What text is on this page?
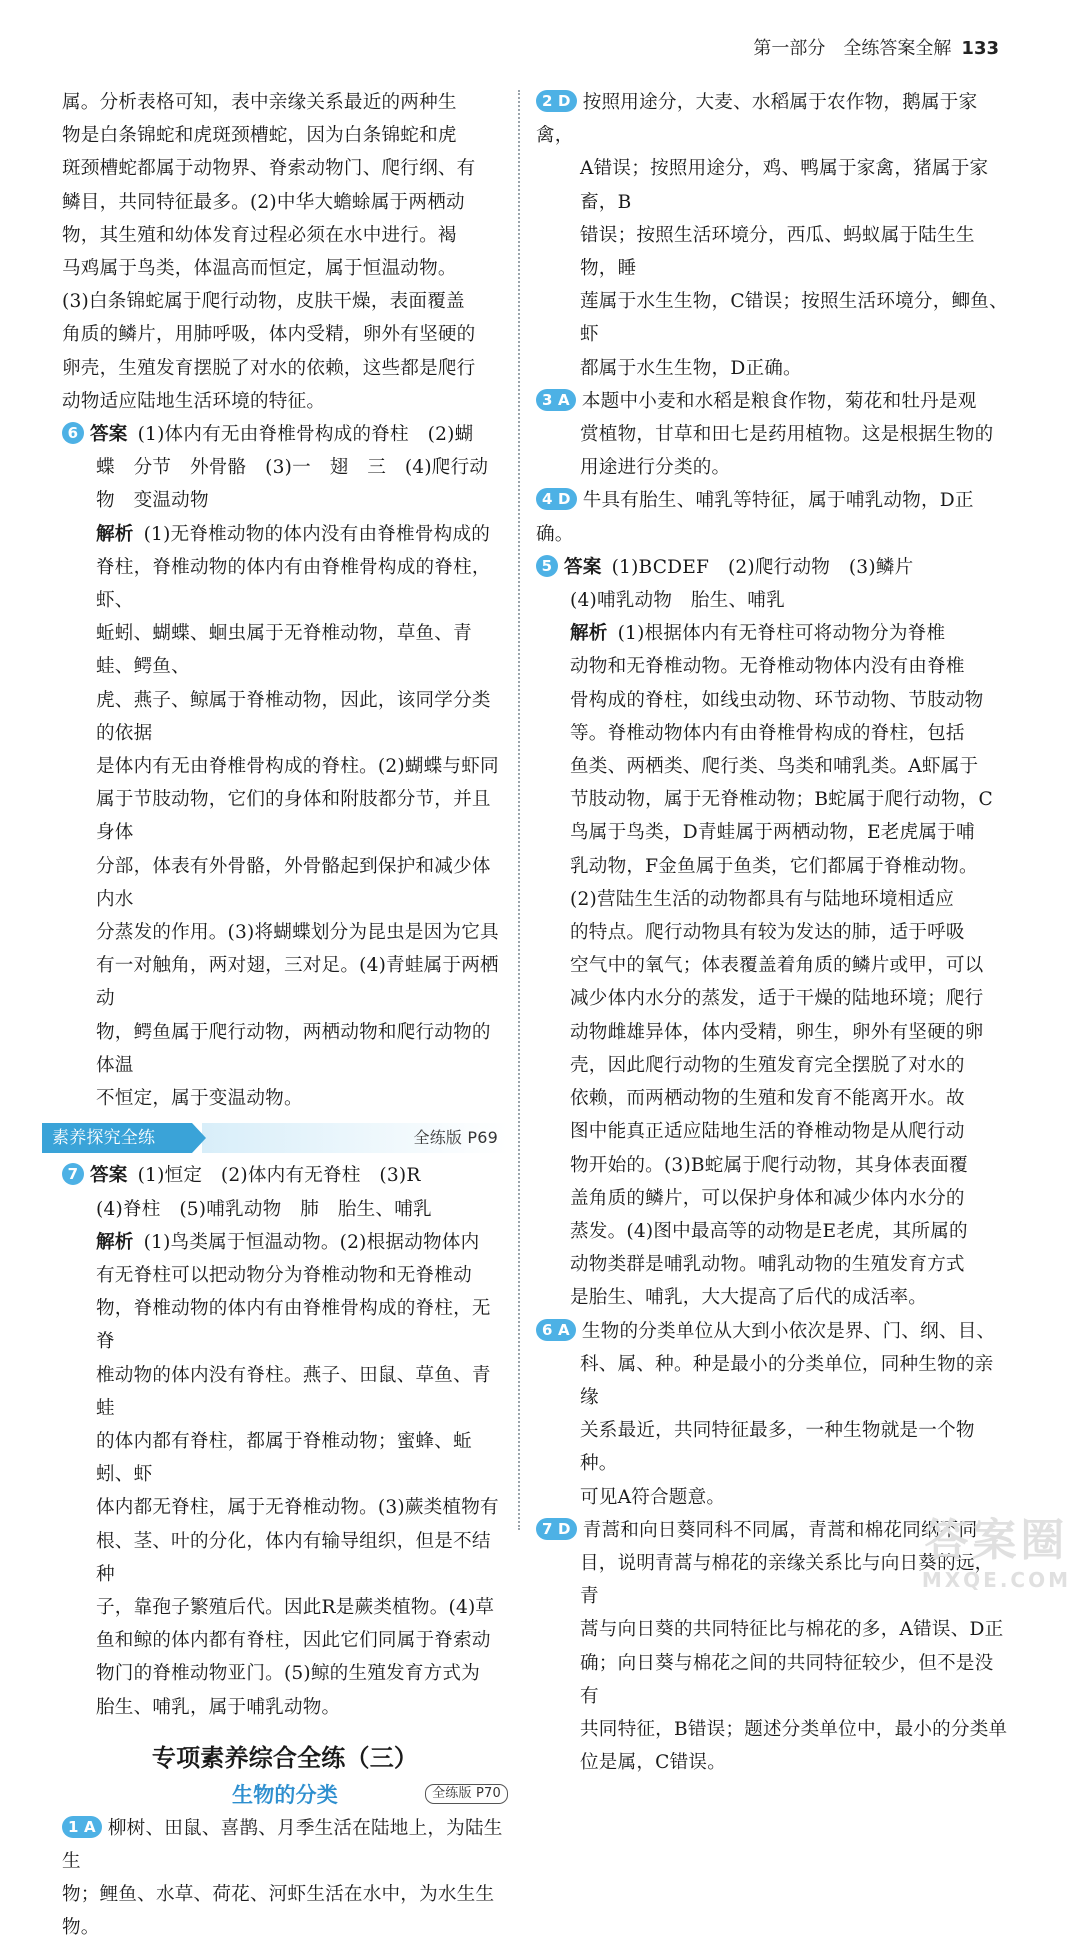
第一部分　全练答案全解 133

属。分析表格可知，表中亲缘关系最近的两种生

物是白条锦蛇和虎斑颈槽蛇，因为白条锦蛇和虎

斑颈槽蛇都属于动物界、脊索动物门、爬行纲、有

鳞目，共同特征最多。(2)中华大蟾蜍属于两栖动

物，其生殖和幼体发育过程必须在水中进行。褐

马鸡属于鸟类，体温高而恒定，属于恒温动物。

(3)白条锦蛇属于爬行动物，皮肤干燥，表面覆盖

角质的鳞片，用肺呼吸，体内受精，卵外有坚硬的

卵壳，生殖发育摆脱了对水的依赖，这些都是爬行

动物适应陆地生活环境的特征。

6 答案 (1)体内有无由脊椎骨构成的脊柱　(2)蝴

蝶　分节　外骨骼　(3)一　翅　三　(4)爬行动

物　变温动物

解析 (1)无脊椎动物的体内没有由脊椎骨构成的

脊柱，脊椎动物的体内有由脊椎骨构成的脊柱，虾、

蚯蚓、蝴蝶、蛔虫属于无脊椎动物，草鱼、青蛙、鳄鱼、

虎、燕子、鲸属于脊椎动物，因此，该同学分类的依据

是体内有无由脊椎骨构成的脊柱。(2)蝴蝶与虾同

属于节肢动物，它们的身体和附肢都分节，并且身体

分部，体表有外骨骼，外骨骼起到保护和减少体内水

分蒸发的作用。(3)将蝴蝶划分为昆虫是因为它具

有一对触角，两对翅，三对足。(4)青蛙属于两栖动

物，鳄鱼属于爬行动物，两栖动物和爬行动物的体温

不恒定，属于变温动物。

素养探究全练	全练版 P69

7 答案 (1)恒定　(2)体内有无脊柱　(3)R

(4)脊柱　(5)哺乳动物　肺　胎生、哺乳

解析 (1)鸟类属于恒温动物。(2)根据动物体内

有无脊柱可以把动物分为脊椎动物和无脊椎动

物，脊椎动物的体内有由脊椎骨构成的脊柱，无脊

椎动物的体内没有脊柱。燕子、田鼠、草鱼、青蛙

的体内都有脊柱，都属于脊椎动物；蜜蜂、蚯蚓、虾

体内都无脊柱，属于无脊椎动物。(3)蕨类植物有

根、茎、叶的分化，体内有输导组织，但是不结种

子，靠孢子繁殖后代。因此R是蕨类植物。(4)草

鱼和鲸的体内都有脊柱，因此它们同属于脊索动

物门的脊椎动物亚门。(5)鲸的生殖发育方式为

胎生、哺乳，属于哺乳动物。

专项素养综合全练（三）
生物的分类	全练版 P70

1 A 柳树、田鼠、喜鹊、月季生活在陆地上，为陆生生

物；鲤鱼、水草、荷花、河虾生活在水中，为水生生物。

2 D 按照用途分，大麦、水稻属于农作物，鹅属于家禽，

A错误；按照用途分，鸡、鸭属于家禽，猪属于家畜，B

错误；按照生活环境分，西瓜、蚂蚁属于陆生生物，睡

莲属于水生生物，C错误；按照生活环境分，鲫鱼、虾

都属于水生生物，D正确。

3 A 本题中小麦和水稻是粮食作物，菊花和牡丹是观

赏植物，甘草和田七是药用植物。这是根据生物的

用途进行分类的。

4 D 牛具有胎生、哺乳等特征，属于哺乳动物，D正确。

5 答案 (1)BCDEF　(2)爬行动物　(3)鳞片

(4)哺乳动物　胎生、哺乳

解析 (1)根据体内有无脊柱可将动物分为脊椎

动物和无脊椎动物。无脊椎动物体内没有由脊椎

骨构成的脊柱，如线虫动物、环节动物、节肢动物

等。脊椎动物体内有由脊椎骨构成的脊柱，包括

鱼类、两栖类、爬行类、鸟类和哺乳类。A虾属于

节肢动物，属于无脊椎动物；B蛇属于爬行动物，C

鸟属于鸟类，D青蛙属于两栖动物，E老虎属于哺

乳动物，F金鱼属于鱼类，它们都属于脊椎动物。

(2)营陆生生活的动物都具有与陆地环境相适应

的特点。爬行动物具有较为发达的肺，适于呼吸

空气中的氧气；体表覆盖着角质的鳞片或甲，可以

减少体内水分的蒸发，适于干燥的陆地环境；爬行

动物雌雄异体，体内受精，卵生，卵外有坚硬的卵

壳，因此爬行动物的生殖发育完全摆脱了对水的

依赖，而两栖动物的生殖和发育不能离开水。故

图中能真正适应陆地生活的脊椎动物是从爬行动

物开始的。(3)B蛇属于爬行动物，其身体表面覆

盖角质的鳞片，可以保护身体和减少体内水分的

蒸发。(4)图中最高等的动物是E老虎，其所属的

动物类群是哺乳动物。哺乳动物的生殖发育方式

是胎生、哺乳，大大提高了后代的成活率。

6 A 生物的分类单位从大到小依次是界、门、纲、目、

科、属、种。种是最小的分类单位，同种生物的亲缘

关系最近，共同特征最多，一种生物就是一个物种。

可见A符合题意。

7 D 青蒿和向日葵同科不同属，青蒿和棉花同纲不同

目，说明青蒿与棉花的亲缘关系比与向日葵的远，青

蒿与向日葵的共同特征比与棉花的多，A错误、D正

确；向日葵与棉花之间的共同特征较少，但不是没有

共同特征，B错误；题述分类单位中，最小的分类单

位是属，C错误。

答案圈
MXQE.COM
